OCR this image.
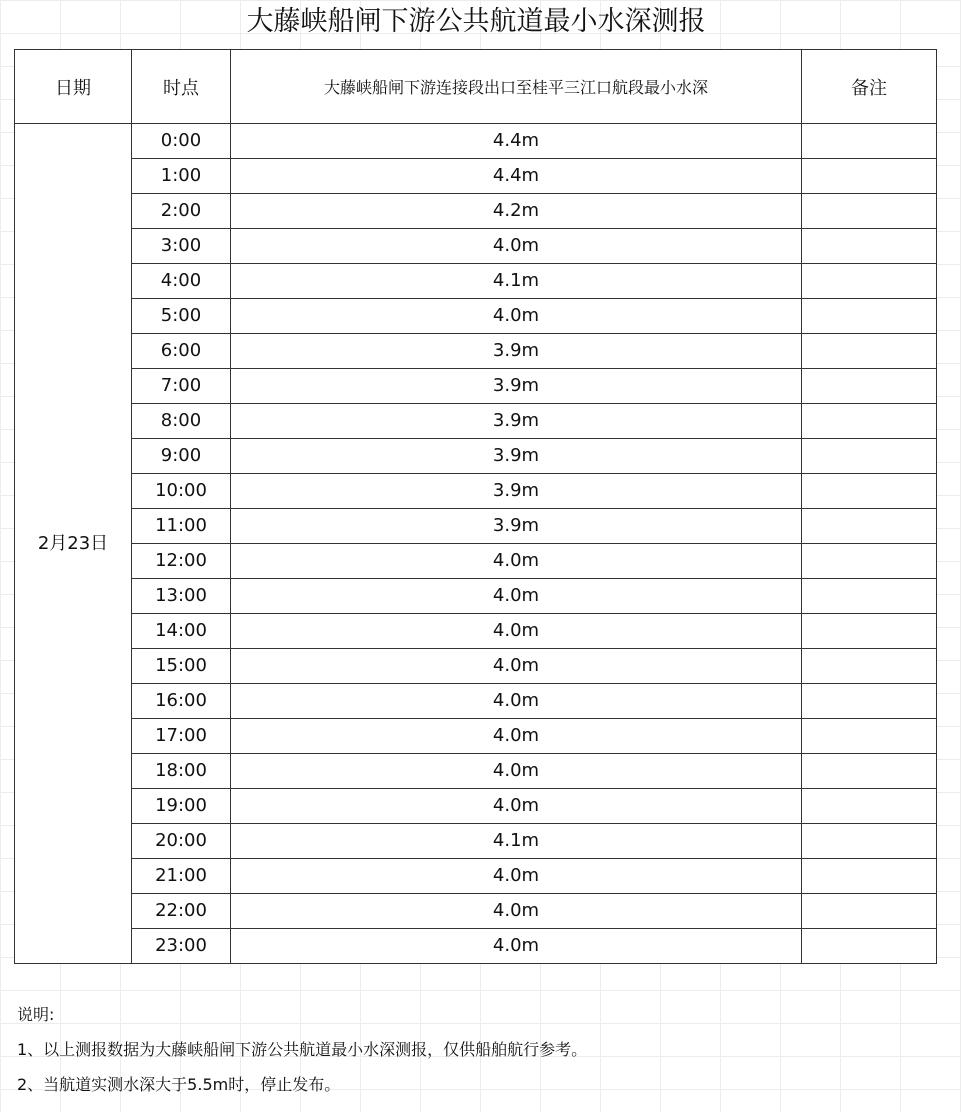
大藤峡船闸下游公共航道最小水深测报
日期	时点	大藤峡船闸下游连接段出口至桂平三江口航段最小水深	备注
2月23日	0:00	4.4m	
	1:00	4.4m	
	2:00	4.2m	
	3:00	4.0m	
	4:00	4.1m	
	5:00	4.0m	
	6:00	3.9m	
	7:00	3.9m	
	8:00	3.9m	
	9:00	3.9m	
	10:00	3.9m	
	11:00	3.9m	
	12:00	4.0m	
	13:00	4.0m	
	14:00	4.0m	
	15:00	4.0m	
	16:00	4.0m	
	17:00	4.0m	
	18:00	4.0m	
	19:00	4.0m	
	20:00	4.1m	
	21:00	4.0m	
	22:00	4.0m	
	23:00	4.0m	
说明:
1、以上测报数据为大藤峡船闸下游公共航道最小水深测报，仅供船舶航行参考。
2、当航道实测水深大于5.5m时，停止发布。
